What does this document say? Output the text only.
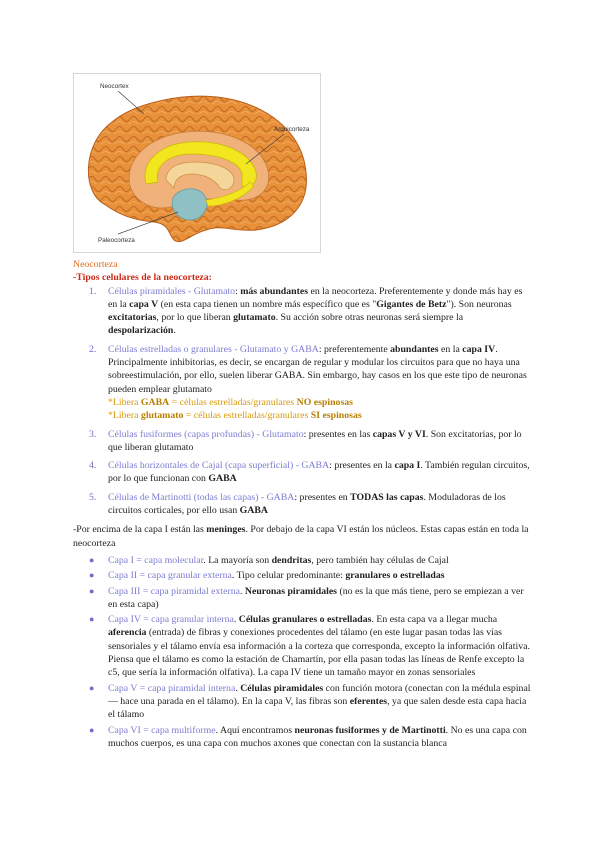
Neocortex
Arquicorteza
Paleocorteza
Neocorteza
-Tipos celulares de la neocorteza:
1. Células piramidales - Glutamato: más abundantes en la neocorteza. Preferentemente y donde más hay es en la capa V (en esta capa tienen un nombre más específico que es "Gigantes de Betz"). Son neuronas excitatorias, por lo que liberan glutamato. Su acción sobre otras neuronas será siempre la despolarización.
2. Células estrelladas o granulares - Glutamato y GABA: preferentemente abundantes en la capa IV. Principalmente inhibitorias, es decir, se encargan de regular y modular los circuitos para que no haya una sobreestimulación, por ello, suelen liberar GABA. Sin embargo, hay casos en los que este tipo de neuronas pueden emplear glutamato
*Libera GABA = células estrelladas/granulares NO espinosas
*Libera glutamato = células estrelladas/granulares SI espinosas
3. Células fusiformes (capas profundas) - Glutamato: presentes en las capas V y VI. Son excitatorias, por lo que liberan glutamato
4. Células horizontales de Cajal (capa superficial) - GABA: presentes en la capa I. También regulan circuitos, por lo que funcionan con GABA
5. Células de Martinotti (todas las capas) - GABA: presentes en TODAS las capas. Moduladoras de los circuitos corticales, por ello usan GABA

-Por encima de la capa I están las meninges. Por debajo de la capa VI están los núcleos. Estas capas están en toda la neocorteza

● Capa I = capa molecular. La mayoría son dendritas, pero también hay células de Cajal
● Capa II = capa granular externa. Tipo celular predominante: granulares o estrelladas
● Capa III = capa piramidal externa. Neuronas piramidales (no es la que más tiene, pero se empiezan a ver en esta capa)
● Capa IV = capa granular interna. Células granulares o estrelladas. En esta capa va a llegar mucha aferencia (entrada) de fibras y conexiones procedentes del tálamo (en este lugar pasan todas las vías sensoriales y el tálamo envía esa información a la corteza que corresponda, excepto la información olfativa. Piensa que el tálamo es como la estación de Chamartín, por ella pasan todas las líneas de Renfe excepto la c5, que sería la información olfativa). La capa IV tiene un tamaño mayor en zonas sensoriales
● Capa V = capa piramidal interna. Células piramidales con función motora (conectan con la médula espinal — hace una parada en el tálamo). En la capa V, las fibras son eferentes, ya que salen desde esta capa hacia el tálamo
● Capa VI = capa multiforme. Aquí encontramos neuronas fusiformes y de Martinotti. No es una capa con muchos cuerpos, es una capa con muchos axones que conectan con la sustancia blanca
